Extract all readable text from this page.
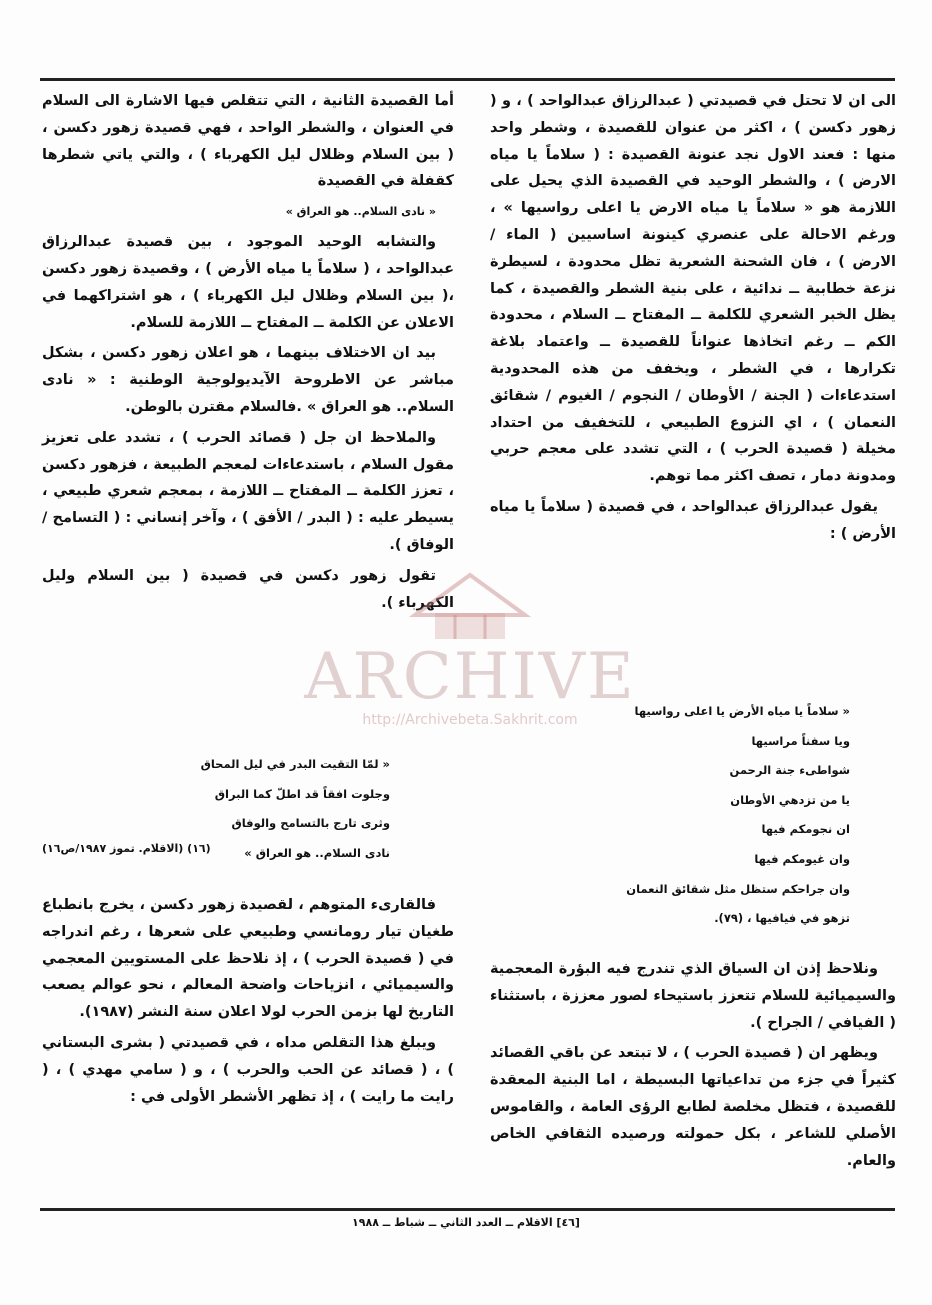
الى ان لا تحتل في قصيدتي ( عبدالرزاق عبدالواحد ) ، و ( زهور دكسن ) ، اكثر من عنوان للقصيدة ، وشطر واحد منها : فعند الاول نجد عنونة القصيدة : ( سلاماً يا مياه الارض ) ، والشطر الوحيد في القصيدة الذي يحيل على اللازمة هو « سلاماً يا مياه الارض يا اعلى رواسيها » ، ورغم الاحالة على عنصري كينونة اساسيين ( الماء / الارض ) ، فان الشحنة الشعرية تظل محدودة ، لسيطرة نزعة خطابية ــ ندائية ، على بنية الشطر والقصيدة ، كما يظل الخبر الشعري للكلمة ــ المفتاح ــ السلام ، محدودة الكم ــ رغم اتخاذها عنواناً للقصيدة ــ واعتماد بلاغة تكرارها ، في الشطر ، ويخفف من هذه المحدودية استدعاءات ( الجنة / الأوطان / النجوم / الغيوم / شقائق النعمان ) ، اي النزوع الطبيعي ، للتخفيف من احتداد مخيلة ( قصيدة الحرب ) ، التي تشدد على معجم حربي ومدونة دمار ، تصف اكثر مما توهم.

يقول عبدالرزاق عبدالواحد ، في قصيدة ( سلاماً يا مياه الأرض ) :

« سلاماً يا مياه الأرض يا اعلى رواسيها
ويا سفناً مراسيها
شواطىء جنة الرحمن
يا من تزدهي الأوطان
ان نجومكم فيها
وان غيومكم فيها
وان جراحكم ستظل مثل شقائق النعمان
تزهو في فيافيها ، (٧٩).

ونلاحظ إذن ان السياق الذي تندرج فيه البؤرة المعجمية والسيميائية للسلام تتعزز باستيحاء لصور معززة ، باستثناء ( الفيافي / الجراح ).

ويظهر ان ( قصيدة الحرب ) ، لا تبتعد عن باقي القصائد كثيراً في جزء من تداعياتها البسيطة ، اما البنية المعقدة للقصيدة ، فتظل مخلصة لطابع الرؤى العامة ، والقاموس الأصلي للشاعر ، بكل حمولته ورصيده الثقافي الخاص والعام.

أما القصيدة الثانية ، التي تتقلص فيها الاشارة الى السلام في العنوان ، والشطر الواحد ، فهي قصيدة زهور دكسن ، ( بين السلام وظلال ليل الكهرباء ) ، والتي ياتي شطرها كقفلة في القصيدة

« نادى السلام.. هو العراق »

والتشابه الوحيد الموجود ، بين قصيدة عبدالرزاق عبدالواحد ، ( سلاماً يا مياه الأرض ) ، وقصيدة زهور دكسن ،( بين السلام وظلال ليل الكهرباء ) ، هو اشتراكهما في الاعلان عن الكلمة ــ المفتاح ــ اللازمة للسلام.

بيد ان الاختلاف بينهما ، هو اعلان زهور دكسن ، بشكل مباشر عن الاطروحة الآيديولوجية الوطنية : « نادى السلام.. هو العراق » .فالسلام مقترن بالوطن.

والملاحظ ان جل ( قصائد الحرب ) ، تشدد على تعزيز مقول السلام ، باستدعاءات لمعجم الطبيعة ، فزهور دكسن ، تعزز الكلمة ــ المفتاح ــ اللازمة ، بمعجم شعري طبيعي ، يسيطر عليه : ( البدر / الأفق ) ، وآخر إنساني : ( التسامح / الوفاق ).

تقول زهور دكسن في قصيدة ( بين السلام وليل الكهرباء ).

« لمّا التقيت البدر في ليل المحاق
وجلوت افقاً قد اطلّ كما البراق
وثرى تارج بالتسامح والوفاق
نادى السلام.. هو العراق »
(١٦) (الاقلام. تموز ١٩٨٧/ص١٦)

فالقارىء المتوهم ، لقصيدة زهور دكسن ، يخرج بانطباع طغيان تيار رومانسي وطبيعي على شعرها ، رغم اندراجه في ( قصيدة الحرب ) ، إذ نلاحظ على المستويين المعجمي والسيميائي ، انزياحات واضحة المعالم ، نحو عوالم يصعب التاريخ لها بزمن الحرب لولا اعلان سنة النشر (١٩٨٧).

ويبلغ هذا التقلص مداه ، في قصيدتي ( بشرى البستاني ) ، ( قصائد عن الحب والحرب ) ، و ( سامي مهدي ) ، ( رايت ما رايت ) ، إذ تظهر الأشطر الأولى في :

ARCHIVE
http://Archivebeta.Sakhrit.com
[٤٦] الاقلام ــ العدد الثاني ــ شباط ــ ١٩٨٨
